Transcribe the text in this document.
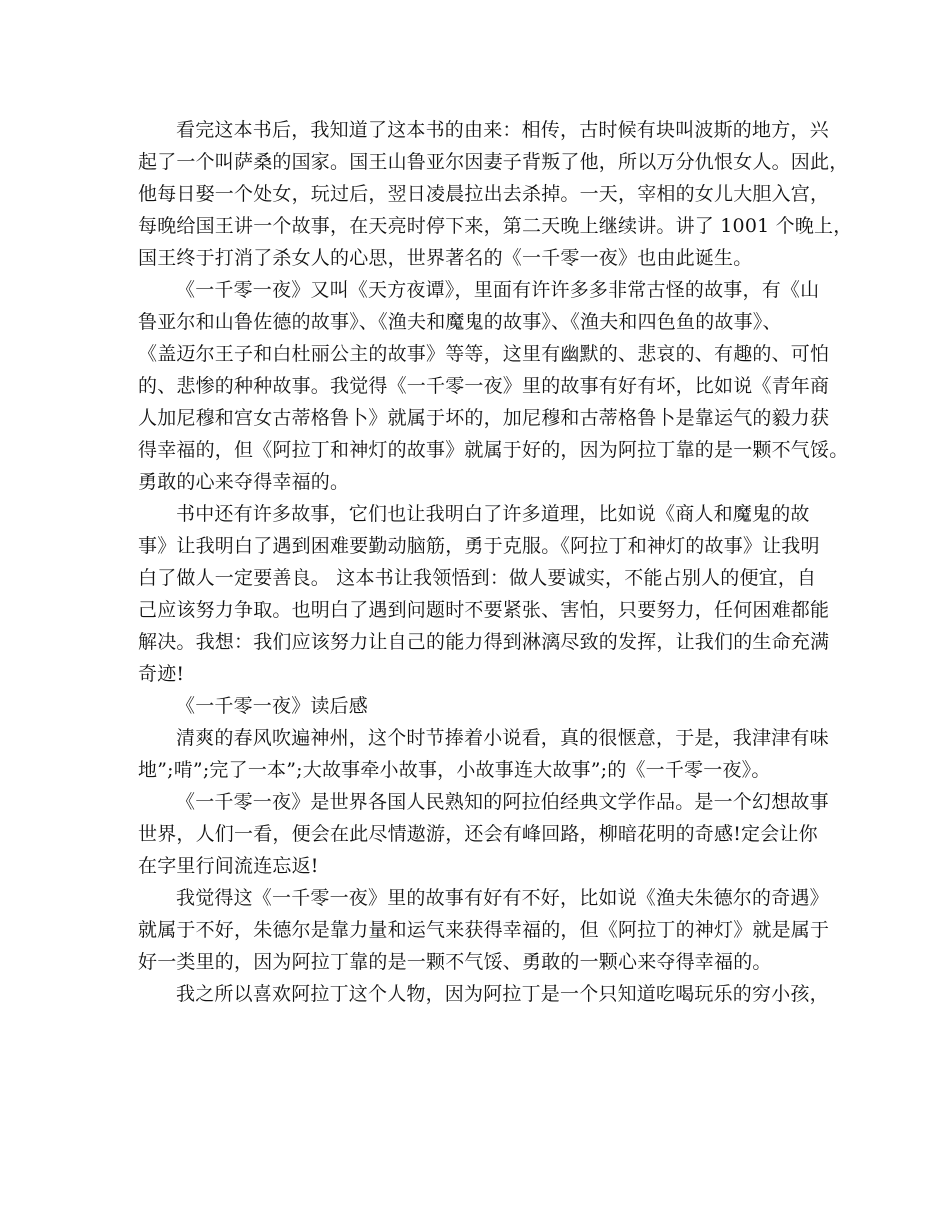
看完这本书后，我知道了这本书的由来：相传，古时候有块叫波斯的地方，兴
起了一个叫萨桑的国家。国王山鲁亚尔因妻子背叛了他，所以万分仇恨女人。因此，
他每日娶一个处女，玩过后，翌日凌晨拉出去杀掉。一天，宰相的女儿大胆入宫，
每晚给国王讲一个故事，在天亮时停下来，第二天晚上继续讲。讲了 1001 个晚上，
国王终于打消了杀女人的心思，世界著名的《一千零一夜》也由此诞生。
《一千零一夜》又叫《天方夜谭》，里面有许许多多非常古怪的故事，有《山
鲁亚尔和山鲁佐德的故事》、《渔夫和魔鬼的故事》、《渔夫和四色鱼的故事》、
《盖迈尔王子和白杜丽公主的故事》等等，这里有幽默的、悲哀的、有趣的、可怕
的、悲惨的种种故事。我觉得《一千零一夜》里的故事有好有坏，比如说《青年商
人加尼穆和宫女古蒂格鲁卜》就属于坏的，加尼穆和古蒂格鲁卜是靠运气的毅力获
得幸福的，但《阿拉丁和神灯的故事》就属于好的，因为阿拉丁靠的是一颗不气馁。
勇敢的心来夺得幸福的。
书中还有许多故事，它们也让我明白了许多道理，比如说《商人和魔鬼的故
事》让我明白了遇到困难要勤动脑筋，勇于克服。《阿拉丁和神灯的故事》让我明
白了做人一定要善良。 这本书让我领悟到：做人要诚实，不能占别人的便宜，自
己应该努力争取。也明白了遇到问题时不要紧张、害怕，只要努力，任何困难都能
解决。我想：我们应该努力让自己的能力得到淋漓尽致的发挥，让我们的生命充满
奇迹!
《一千零一夜》读后感
清爽的春风吹遍神州，这个时节捧着小说看，真的很惬意，于是，我津津有味
地”;啃”;完了一本”;大故事牵小故事，小故事连大故事”;的《一千零一夜》。
《一千零一夜》是世界各国人民熟知的阿拉伯经典文学作品。是一个幻想故事
世界，人们一看，便会在此尽情遨游，还会有峰回路，柳暗花明的奇感!定会让你
在字里行间流连忘返!
我觉得这《一千零一夜》里的故事有好有不好，比如说《渔夫朱德尔的奇遇》
就属于不好，朱德尔是靠力量和运气来获得幸福的，但《阿拉丁的神灯》就是属于
好一类里的，因为阿拉丁靠的是一颗不气馁、勇敢的一颗心来夺得幸福的。
我之所以喜欢阿拉丁这个人物，因为阿拉丁是一个只知道吃喝玩乐的穷小孩，
